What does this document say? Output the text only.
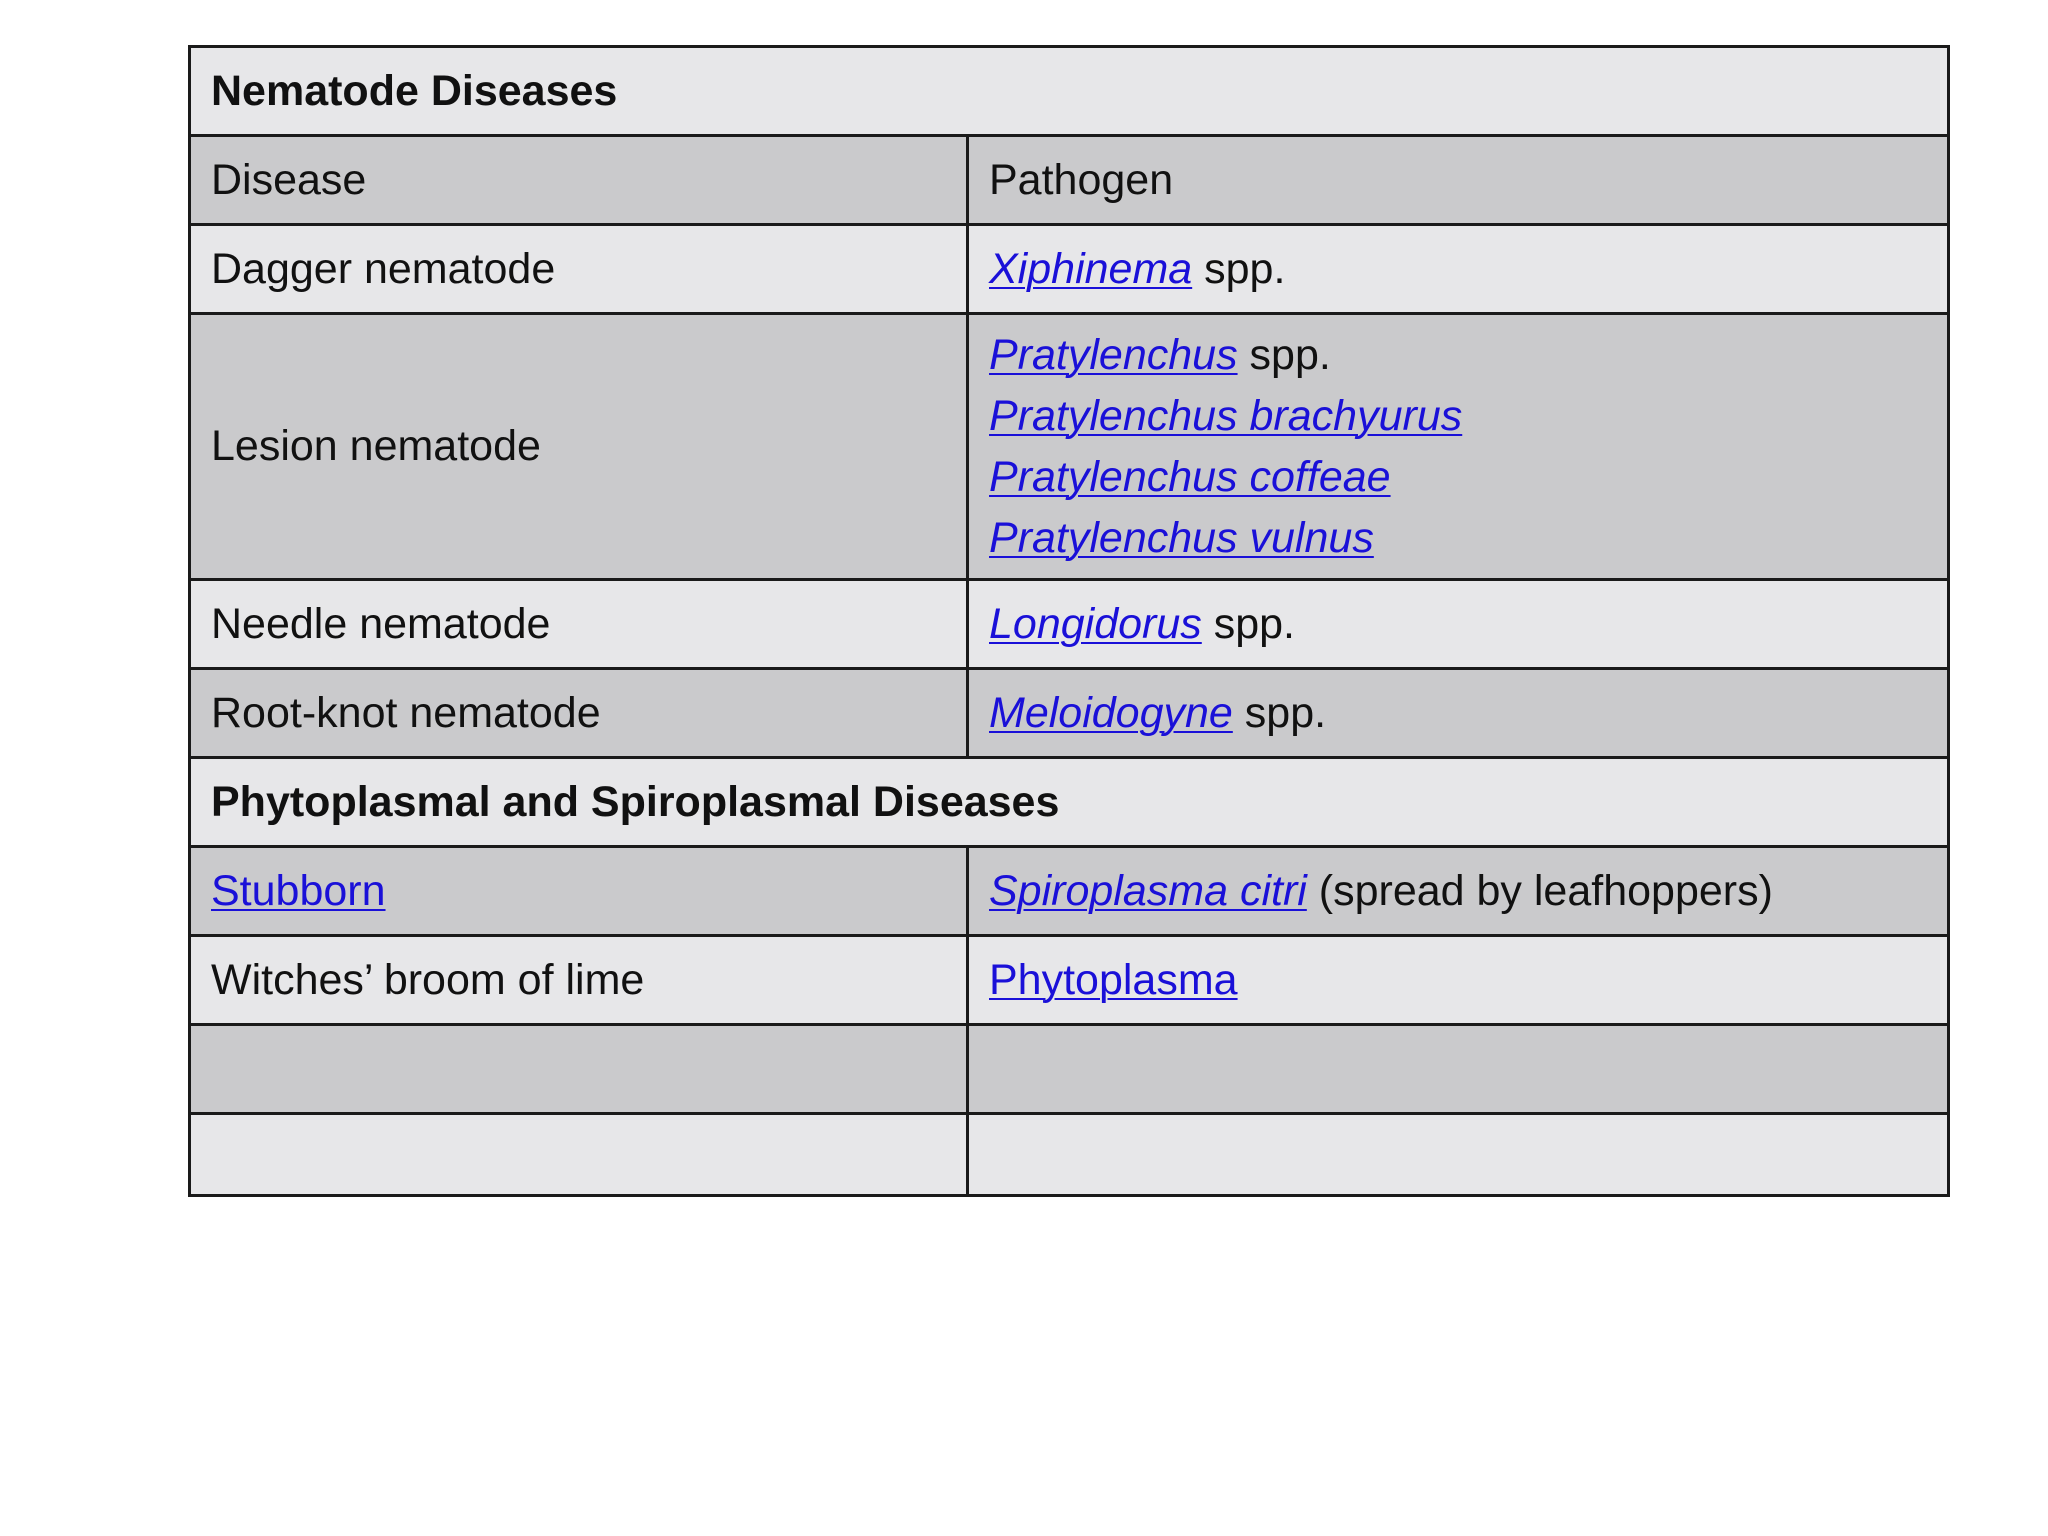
Nematode Diseases	
Disease	Pathogen
Dagger nematode	Xiphinema spp.
Lesion nematode	Pratylenchus spp.
Pratylenchus brachyurus
Pratylenchus coffeae
Pratylenchus vulnus

Needle nematode	Longidorus spp.
Root-knot nematode	Meloidogyne spp.
Phytoplasmal and Spiroplasmal Diseases	
Stubborn	Spiroplasma citri (spread by leafhoppers)
Witches’ broom of lime	Phytoplasma
